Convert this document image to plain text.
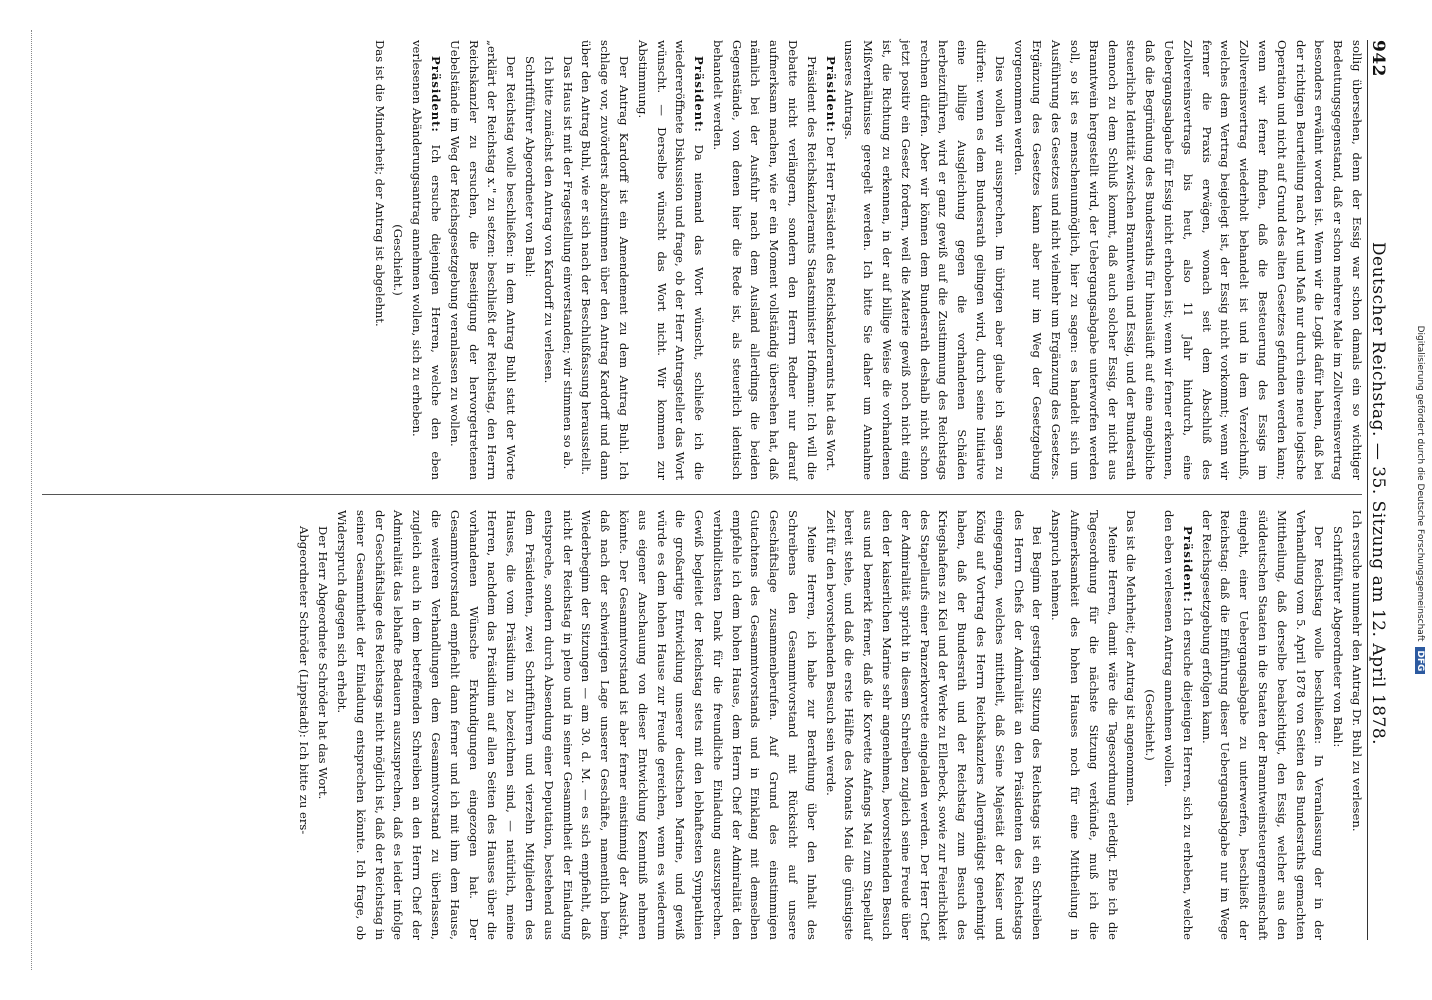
942
Deutscher Reichstag. — 35. Sitzung am 12. April 1878.

sollig übersehen, denn der Essig war schon damals ein so wichtiger Bedeutungsgegenstand, daß er schon mehrere Male im Zollvereinsvertrag besonders erwähnt worden ist. Wenn wir die Logik dafür haben, daß bei der richtigen Beurteilung nach Art und Maß nur durch eine neue logische Operation und nicht auf Grund des alten Gesetzes gefunden werden kann; wenn wir ferner finden, daß die Besteuerung des Essigs im Zollvereinsvertrag wiederholt behandelt ist und in dem Verzeichniß, welches dem Vertrag beigelegt ist, der Essig nicht vorkommt; wenn wir ferner die Praxis erwägen, wonach seit dem Abschluß des Zollvereinsvertrags bis heut, also 11 Jahr hindurch, eine Uebergangsabgabe für Essig nicht erhoben ist; wenn wir ferner erkennen, daß die Begründung des Bundesraths für hinausläuft auf eine angebliche steuerliche Identität zwischen Branntwein und Essig, und der Bundesrath dennoch zu dem Schluß kommt, daß auch solcher Essig, der nicht aus Branntwein hergestellt wird, der Uebergangsabgabe unterworfen werden soll, so ist es menschenunmöglich, hier zu sagen: es handelt sich um Ausführung des Gesetzes und nicht vielmehr um Ergänzung des Gesetzes. Ergänzung des Gesetzes kann aber nur im Weg der Gesetzgebung vorgenommen werden.

Dies wollen wir aussprechen. Im übrigen aber glaube ich sagen zu dürfen: wenn es dem Bundesrath gelingen wird, durch seine Initiative eine billige Ausgleichung gegen die vorhandenen Schäden herbeizuführen, wird er ganz gewiß auf die Zustimmung des Reichstags rechnen dürfen. Aber wir können dem Bundesrath deshalb nicht schon jetzt positiv ein Gesetz fordern, weil die Materie gewiß noch nicht einig ist, die Richtung zu erkennen, in der auf billige Weise die vorhandenen Mißverhältnisse geregelt werden. Ich bitte Sie daher um Annahme unseres Antrags.

Präsident: Der Herr Präsident des Reichskanzleramts hat das Wort.

Präsident des Reichskanzleramts Staatsminister Hofmann: Ich will die Debatte nicht verlängern, sondern den Herrn Redner nur darauf aufmerksam machen, wie er ein Moment vollständig übersehen hat, daß nämlich bei der Ausfuhr nach dem Ausland allerdings die beiden Gegenstände, von denen hier die Rede ist, als steuerlich identisch behandelt werden.

Präsident: Da niemand das Wort wünscht, schließe ich die wiedereröffnete Diskussion und frage, ob der Herr Antragsteller das Wort wünscht. — Derselbe wünscht das Wort nicht. Wir kommen zur Abstimmung.

Der Antrag Kardorff ist ein Amendement zu dem Antrag Buhl. Ich schlage vor, zuvörderst abzustimmen über den Antrag Kardorff und dann über den Antrag Buhl, wie er sich nach der Beschlußfassung herausstellt.

Das Haus ist mit der Fragestellung einverstanden; wir stimmen so ab.

Ich bitte zunächst den Antrag von Kardorff zu verlesen.

Schriftführer Abgeordneter von Bahl:

Der Reichstag wolle beschließen: in dem Antrag Buhl statt der Worte „erklärt der Reichstag x." zu setzen: beschließt der Reichstag, den Herrn Reichskanzler zu ersuchen, die Beseitigung der hervorgetretenen Uebelstände im Weg der Reichsgesetzgebung veranlassen zu wollen.

Präsident: Ich ersuche diejenigen Herren, welche den eben verlesenen Abänderungsantrag annehmen wollen, sich zu erheben.

(Geschieht.)

Das ist die Minderheit; der Antrag ist abgelehnt.

Ich ersuche nunmehr den Antrag Dr. Buhl zu verlesen.

Schriftführer Abgeordneter von Bahl:

Der Reichstag wolle beschließen: In Veranlassung der in der Verhandlung vom 5. April 1878 von Seiten des Bundesraths gemachten Mittheilung, daß derselbe beabsichtigt, den Essig, welcher aus den süddeutschen Staaten in die Staaten der Branntweinsteuergemeinschaft eingeht, einer Uebergangsabgabe zu unterwerfen, beschließt der Reichstag: daß die Einführung dieser Uebergangsabgabe nur im Wege der Reichsgesetzgebung erfolgen kann.

Präsident: Ich ersuche diejenigen Herren, sich zu erheben, welche den eben verlesenen Antrag annehmen wollen.

(Geschieht.)

Das ist die Mehrheit; der Antrag ist angenommen.

Meine Herren, damit wäre die Tagesordnung erledigt. Ehe ich die Tagesordnung für die nächste Sitzung verkünde, muß ich die Aufmerksamkeit des hohen Hauses noch für eine Mittheilung in Anspruch nehmen.

Bei Beginn der gestrigen Sitzung des Reichstags ist ein Schreiben des Herrn Chefs der Admiralität an den Präsidenten des Reichstags eingegangen, welches mittheilt, daß Seine Majestät der Kaiser und König auf Vortrag des Herrn Reichskanzlers Allergnädigst genehmigt haben, daß der Bundesrath und der Reichstag zum Besuch des Kriegshafens zu Kiel und der Werke zu Ellerbeck, sowie zur Feierlichkeit des Stapellaufs einer Panzerkorvette eingeladen werden. Der Herr Chef der Admiralität spricht in diesem Schreiben zugleich seine Freude über den der kaiserlichen Marine sehr angenehmen, bevorstehenden Besuch aus und bemerkt ferner, daß die Korvette Anfangs Mai zum Stapellauf bereit stehe, und daß die erste Hälfte des Monats Mai die günstigste Zeit für den bevorstehenden Besuch sein werde.

Meine Herren, ich habe zur Berathung über den Inhalt des Schreibens den Gesammtvorstand mit Rücksicht auf unsere Geschäftslage zusammenberufen. Auf Grund des einstimmigen Gutachtens des Gesammtvorstands und in Einklang mit demselben empfehle ich dem hohen Hause, dem Herrn Chef der Admiralität den verbindlichsten Dank für die freundliche Einladung auszusprechen. Gewiß begleitet der Reichstag stets mit den lebhaftesten Sympathien die großartige Entwicklung unserer deutschen Marine, und gewiß würde es dem hohen Hause zur Freude gereichen, wenn es wiederum aus eigener Anschauung von dieser Entwicklung Kenntniß nehmen könnte. Der Gesammtvorstand ist aber ferner einstimmig der Ansicht, daß nach der schwierigen Lage unserer Geschäfte, namentlich beim Wiederbeginn der Sitzungen — am 30. d. M. — es sich empfiehlt, daß nicht der Reichstag in pleno und in seiner Gesammtheit der Einladung entspreche, sondern durch Absendung einer Deputation, bestehend aus dem Präsidenten, zwei Schriftführern und vierzehn Mitgliedern des Hauses, die vom Präsidium zu bezeichnen sind, — natürlich, meine Herren, nachdem das Präsidium auf allen Seiten des Hauses über die vorhandenen Wünsche Erkundigungen eingezogen hat. Der Gesammtvorstand empfiehlt dann ferner und ich mit ihm dem Hause, die weiteren Verhandlungen dem Gesammtvorstand zu überlassen, zugleich auch in dem betreffenden Schreiben an den Herrn Chef der Admiralität das lebhafte Bedauern auszusprechen, daß es leider infolge der Geschäftslage des Reichstags nicht möglich ist, daß der Reichstag in seiner Gesammtheit der Einladung entsprechen könnte. Ich frage, ob Widerspruch dagegen sich erhebt.

Der Herr Abgeordnete Schröder hat das Wort.

Abgeordneter Schröder (Lippstadt): Ich bitte zu ers-

Digitalisierung gefördert durch die Deutsche Forschungsgemeinschaft
DFG
